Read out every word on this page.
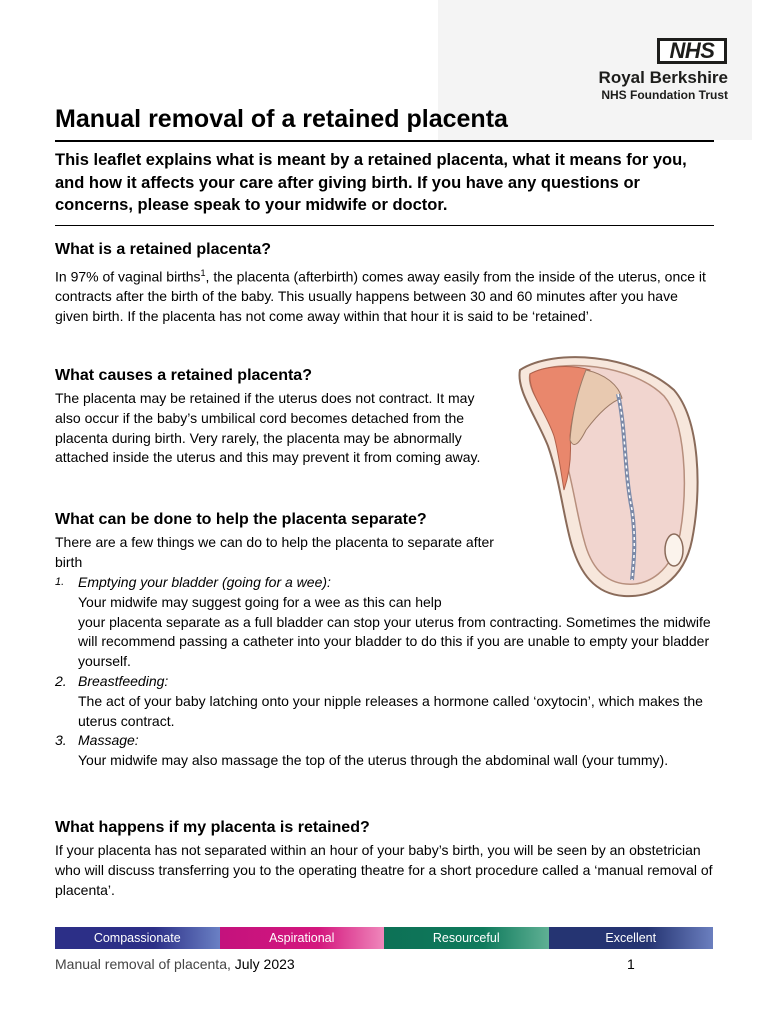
NHS
Royal Berkshire
NHS Foundation Trust
Manual removal of a retained placenta
This leaflet explains what is meant by a retained placenta, what it means for you, and how it affects your care after giving birth. If you have any questions or concerns, please speak to your midwife or doctor.
What is a retained placenta?
In 97% of vaginal births$^1$, the placenta (afterbirth) comes away easily from the inside of the uterus, once it contracts after the birth of the baby. This usually happens between 30 and 60 minutes after you have given birth. If the placenta has not come away within that hour it is said to be ‘retained’.
What causes a retained placenta?
The placenta may be retained if the uterus does not contract. It may also occur if the baby’s umbilical cord becomes detached from the placenta during birth. Very rarely, the placenta may be abnormally attached inside the uterus and this may prevent it from coming away.
What can be done to help the placenta separate?
There are a few things we can do to help the placenta to separate after birth
1. Emptying your bladder (going for a wee):
Your midwife may suggest going for a wee as this can help
your placenta separate as a full bladder can stop your uterus from contracting. Sometimes the midwife will recommend passing a catheter into your bladder to do this if you are unable to empty your bladder yourself.
2. Breastfeeding:
The act of your baby latching onto your nipple releases a hormone called ‘oxytocin’, which makes the uterus contract.
3. Massage:
Your midwife may also massage the top of the uterus through the abdominal wall (your tummy).
What happens if my placenta is retained?
If your placenta has not separated within an hour of your baby’s birth, you will be seen by an obstetrician who will discuss transferring you to the operating theatre for a short procedure called a ‘manual removal of placenta’.
Compassionate	Aspirational	Resourceful	Excellent
Manual removal of placenta, July 2023	1
